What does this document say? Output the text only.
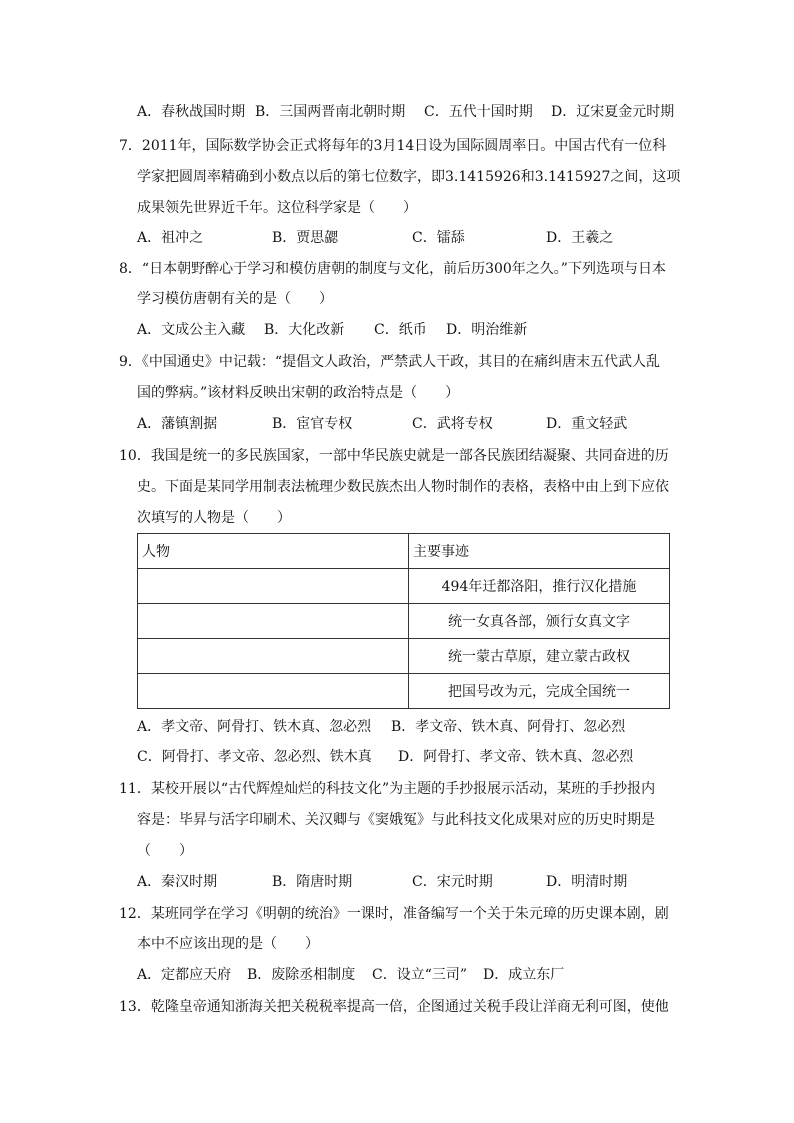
A．春秋战国时期 B．三国两晋南北朝时期 C．五代十国时期 D．辽宋夏金元时期
7．2011年，国际数学协会正式将每年的3月14日设为国际圆周率日。中国古代有一位科
学家把圆周率精确到小数点以后的第七位数字，即3.1415926和3.1415927之间，这项
成果领先世界近千年。这位科学家是（　　）
A．祖冲之	B．贾思勰	C．镭舔	D．王羲之
8．“日本朝野醉心于学习和模仿唐朝的制度与文化，前后历300年之久。”下列选项与日本
学习模仿唐朝有关的是（　　）
A．文成公主入藏 B．大化改新 C．纸币 D．明治维新
9．《中国通史》中记载：“提倡文人政治，严禁武人干政，其目的在痛纠唐末五代武人乱
国的弊病。”该材料反映出宋朝的政治特点是（　　）
A．藩镇割据	B．宦官专权	C．武将专权	D．重文轻武
10．我国是统一的多民族国家，一部中华民族史就是一部各民族团结凝聚、共同奋进的历
史。下面是某同学用制表法梳理少数民族杰出人物时制作的表格，表格中由上到下应依
次填写的人物是（　　）
人物	主要事迹
	494年迁都洛阳，推行汉化措施
	统一女真各部，颁行女真文字
	统一蒙古草原，建立蒙古政权
	把国号改为元，完成全国统一
A．孝文帝、阿骨打、铁木真、忽必烈 B．孝文帝、铁木真、阿骨打、忽必烈
C．阿骨打、孝文帝、忽必烈、铁木真 D．阿骨打、孝文帝、铁木真、忽必烈
11．某校开展以“古代辉煌灿烂的科技文化”为主题的手抄报展示活动，某班的手抄报内
容是：毕昇与活字印刷术、关汉卿与《窦娥冤》与此科技文化成果对应的历史时期是
（　　）
A．秦汉时期	B．隋唐时期	C．宋元时期	D．明清时期
12．某班同学在学习《明朝的统治》一课时，准备编写一个关于朱元璋的历史课本剧，剧
本中不应该出现的是（　　）
A．定都应天府 B．废除丞相制度 C．设立“三司” D．成立东厂
13．乾隆皇帝通知浙海关把关税税率提高一倍，企图通过关税手段让洋商无利可图，使他
